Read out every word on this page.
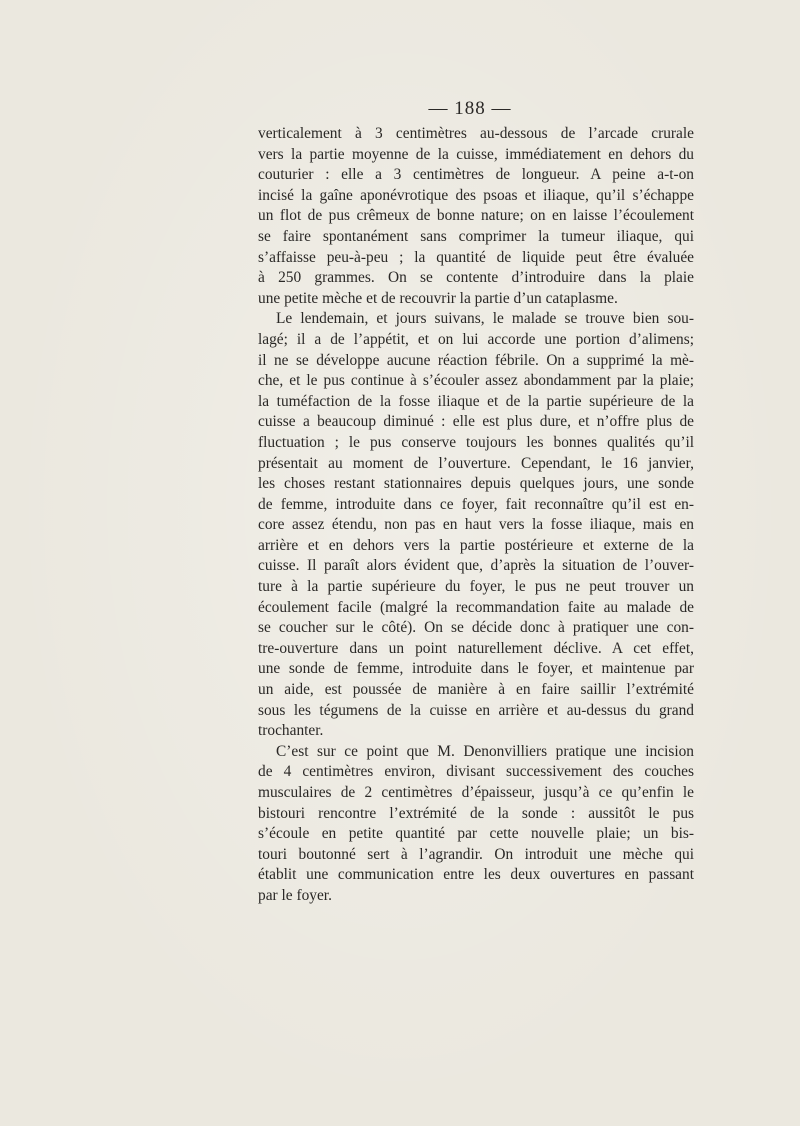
— 188 —
verticalement à 3 centimètres au-dessous de l’arcade crurale
vers la partie moyenne de la cuisse, immédiatement en dehors du
couturier : elle a 3 centimètres de longueur. A peine a-t-on
incisé la gaîne aponévrotique des psoas et iliaque, qu’il s’échappe
un flot de pus crêmeux de bonne nature; on en laisse l’écoulement
se faire spontanément sans comprimer la tumeur iliaque, qui
s’affaisse peu-à-peu ; la quantité de liquide peut être évaluée
à 250 grammes. On se contente d’introduire dans la plaie
une petite mèche et de recouvrir la partie d’un cataplasme.
Le lendemain, et jours suivans, le malade se trouve bien sou-
lagé; il a de l’appétit, et on lui accorde une portion d’alimens;
il ne se développe aucune réaction fébrile. On a supprimé la mè-
che, et le pus continue à s’écouler assez abondamment par la plaie;
la tuméfaction de la fosse iliaque et de la partie supérieure de la
cuisse a beaucoup diminué : elle est plus dure, et n’offre plus de
fluctuation ; le pus conserve toujours les bonnes qualités qu’il
présentait au moment de l’ouverture. Cependant, le 16 janvier,
les choses restant stationnaires depuis quelques jours, une sonde
de femme, introduite dans ce foyer, fait reconnaître qu’il est en-
core assez étendu, non pas en haut vers la fosse iliaque, mais en
arrière et en dehors vers la partie postérieure et externe de la
cuisse. Il paraît alors évident que, d’après la situation de l’ouver-
ture à la partie supérieure du foyer, le pus ne peut trouver un
écoulement facile (malgré la recommandation faite au malade de
se coucher sur le côté). On se décide donc à pratiquer une con-
tre-ouverture dans un point naturellement déclive. A cet effet,
une sonde de femme, introduite dans le foyer, et maintenue par
un aide, est poussée de manière à en faire saillir l’extrémité
sous les tégumens de la cuisse en arrière et au-dessus du grand
trochanter.
C’est sur ce point que M. Denonvilliers pratique une incision
de 4 centimètres environ, divisant successivement des couches
musculaires de 2 centimètres d’épaisseur, jusqu’à ce qu’enfin le
bistouri rencontre l’extrémité de la sonde : aussitôt le pus
s’écoule en petite quantité par cette nouvelle plaie; un bis-
touri boutonné sert à l’agrandir. On introduit une mèche qui
établit une communication entre les deux ouvertures en passant
par le foyer.
